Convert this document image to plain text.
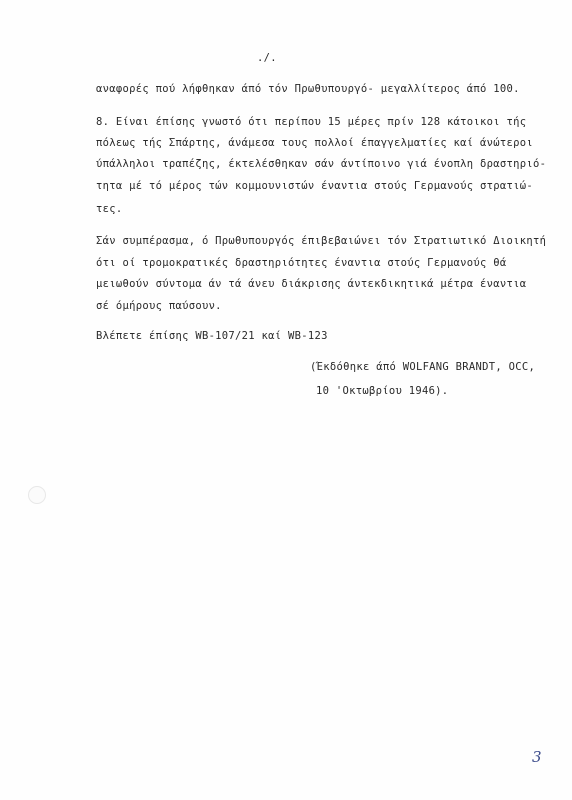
./.
αναφορές πού λήφθηκαν άπό τόν Πρωθυπουργό- μεγαλλίτερος άπό 100.
8. Είναι έπίσης γνωστό ότι περίπου 15 μέρες πρίν 128 κάτοικοι τής
πόλεως τής Σπάρτης, άνάμεσα τους πολλοί έπαγγελματίες καί άνώτεροι
ύπάλληλοι τραπέζης, έκτελέσθηκαν σάν άντίποινο γιά ένοπλη δραστηριό-
τητα μέ τό μέρος τών κομμουνιστών έναντια στούς Γερμανούς στρατιώ-
τες.
Σάν συμπέρασμα, ό Πρωθυπουργός έπιβεβαιώνει τόν Στρατιωτικό Διοικητή
ότι οί τρομοκρατικές δραστηριότητες έναντια στούς Γερμανούς θά
μειωθούν σύντομα άν τά άνευ διάκρισης άντεκδικητικά μέτρα έναντια
σέ όμήρους παύσουν.
Βλέπετε έπίσης WB-107/21 καί WB-123
(Έκδόθηκε άπό WOLFANG BRANDT, OCC,
10 'Οκτωβρίου 1946).
3
